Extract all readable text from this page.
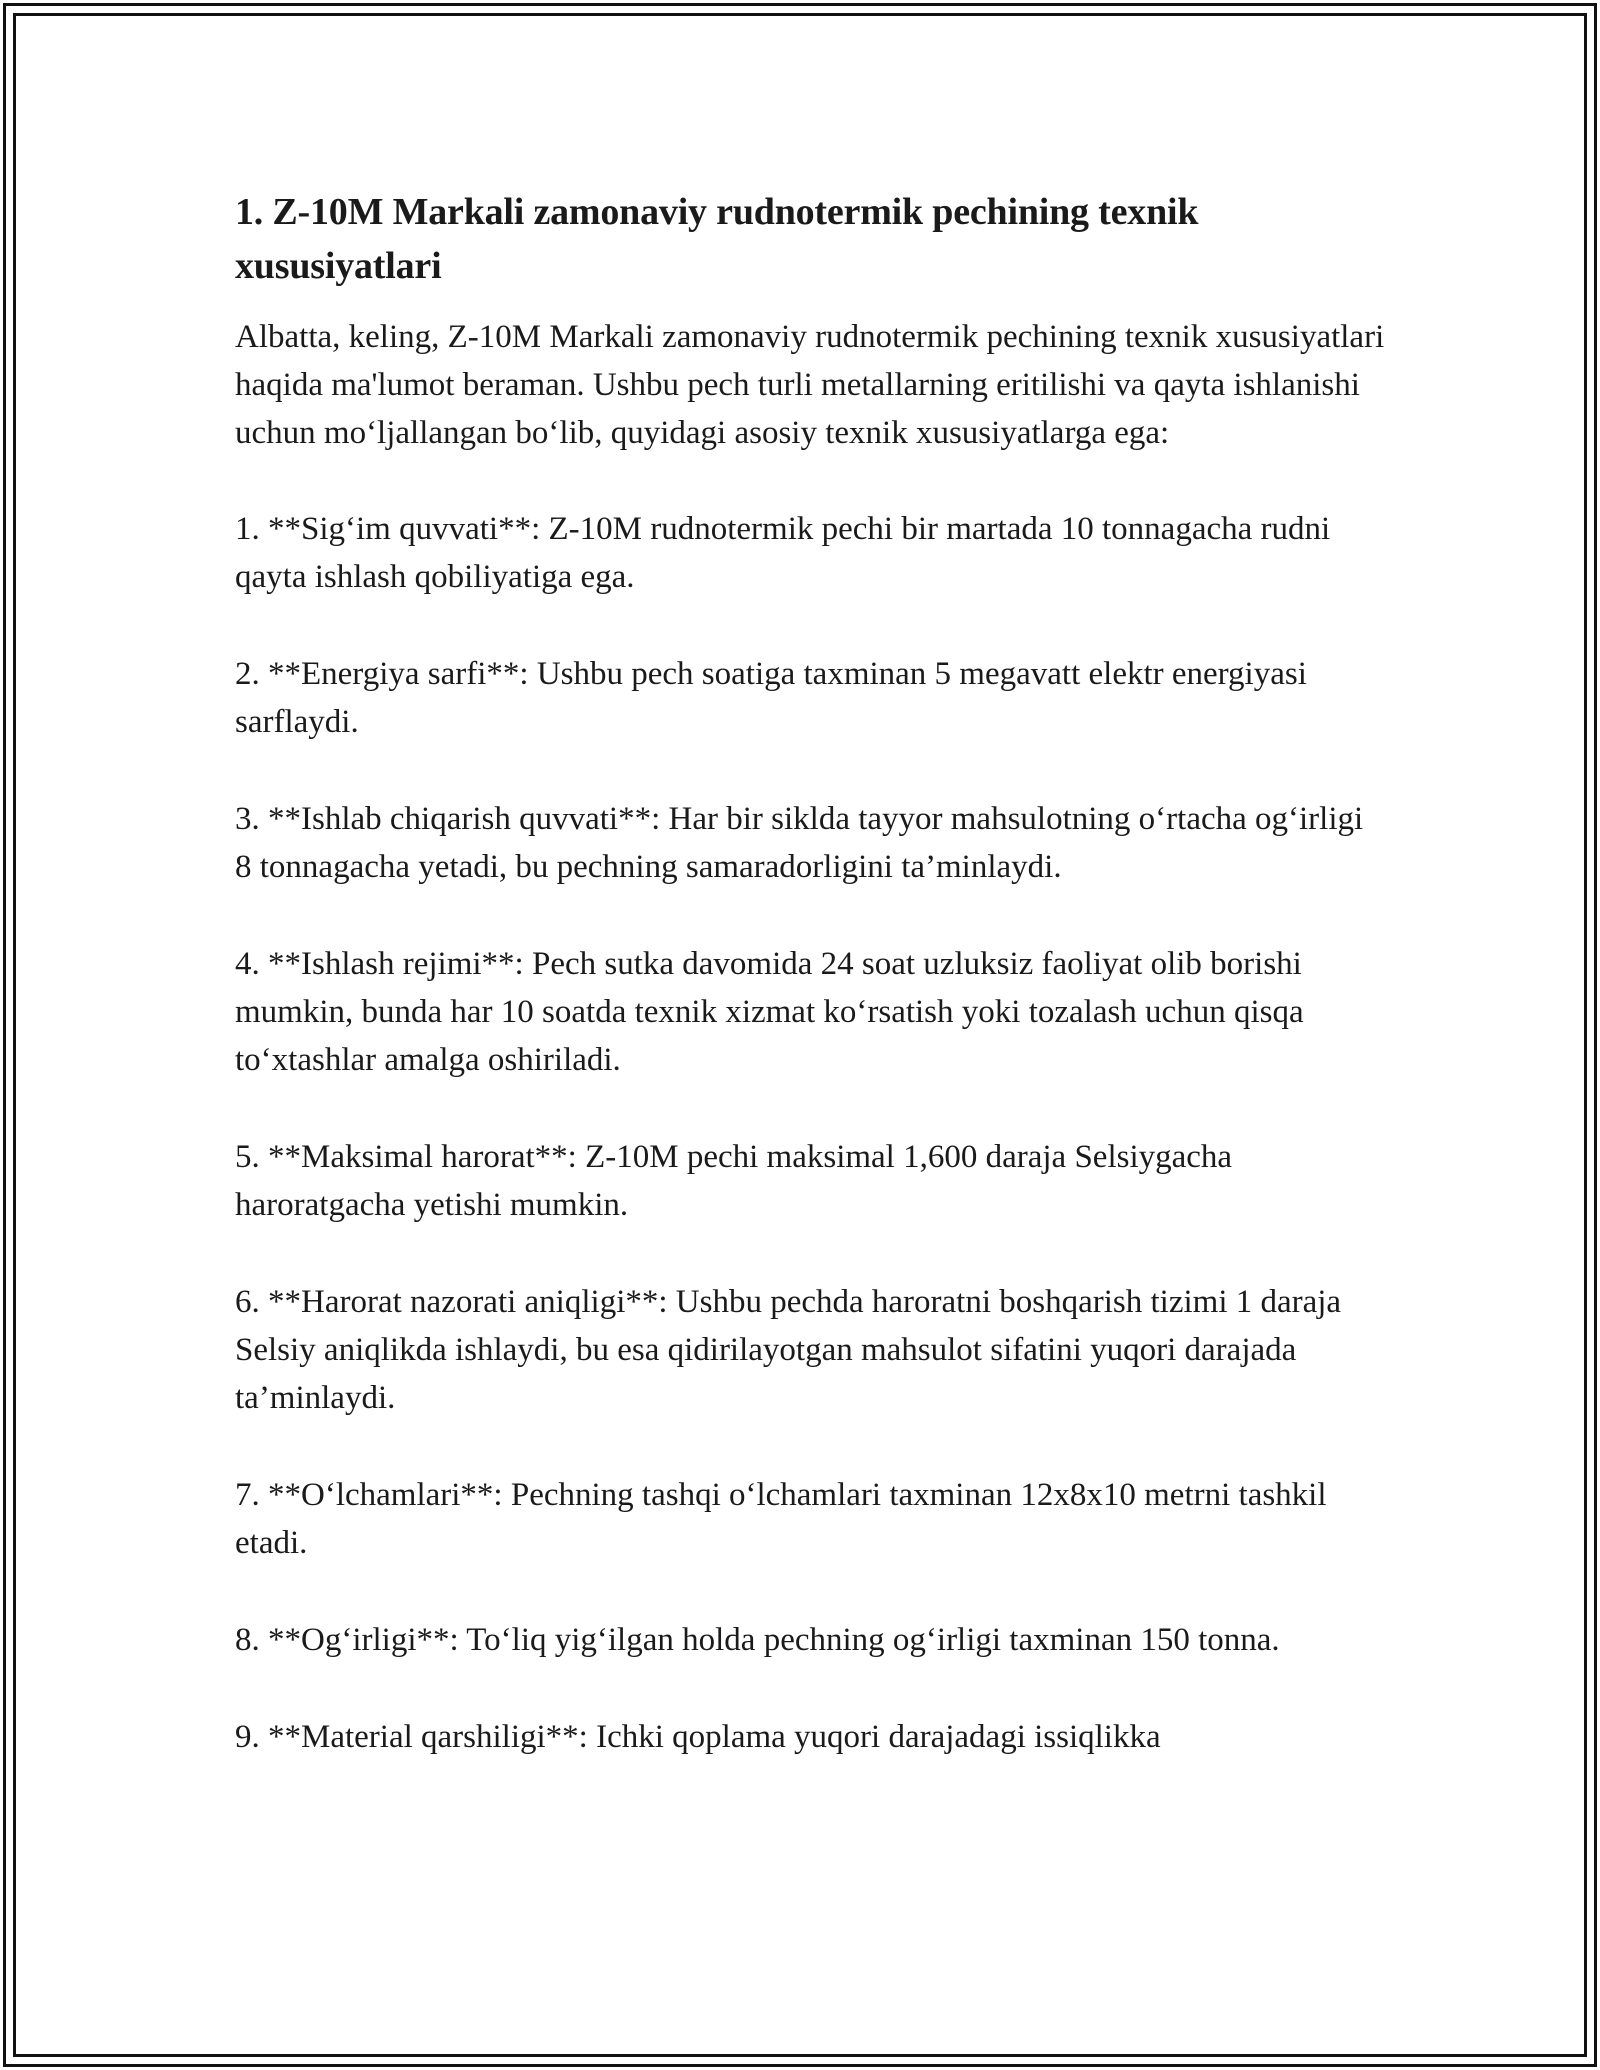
1. Z-10M Markali zamonaviy rudnotermik pechining texnik xususiyatlari

Albatta, keling, Z-10M Markali zamonaviy rudnotermik pechining texnik xususiyatlari haqida ma'lumot beraman. Ushbu pech turli metallarning eritilishi va qayta ishlanishi uchun mo‘ljallangan bo‘lib, quyidagi asosiy texnik xususiyatlarga ega:

1. **Sig‘im quvvati**: Z-10M rudnotermik pechi bir martada 10 tonnagacha rudni qayta ishlash qobiliyatiga ega.

2. **Energiya sarfi**: Ushbu pech soatiga taxminan 5 megavatt elektr energiyasi sarflaydi.

3. **Ishlab chiqarish quvvati**: Har bir siklda tayyor mahsulotning o‘rtacha og‘irligi 8 tonnagacha yetadi, bu pechning samaradorligini ta’minlaydi.

4. **Ishlash rejimi**: Pech sutka davomida 24 soat uzluksiz faoliyat olib borishi mumkin, bunda har 10 soatda texnik xizmat ko‘rsatish yoki tozalash uchun qisqa to‘xtashlar amalga oshiriladi.

5. **Maksimal harorat**: Z-10M pechi maksimal 1,600 daraja Selsiygacha haroratgacha yetishi mumkin.

6. **Harorat nazorati aniqligi**: Ushbu pechda haroratni boshqarish tizimi 1 daraja Selsiy aniqlikda ishlaydi, bu esa qidirilayotgan mahsulot sifatini yuqori darajada ta’minlaydi.

7. **O‘lchamlari**: Pechning tashqi o‘lchamlari taxminan 12x8x10 metrni tashkil etadi.

8. **Og‘irligi**: To‘liq yig‘ilgan holda pechning og‘irligi taxminan 150 tonna.

9. **Material qarshiligi**: Ichki qoplama yuqori darajadagi issiqlikka
